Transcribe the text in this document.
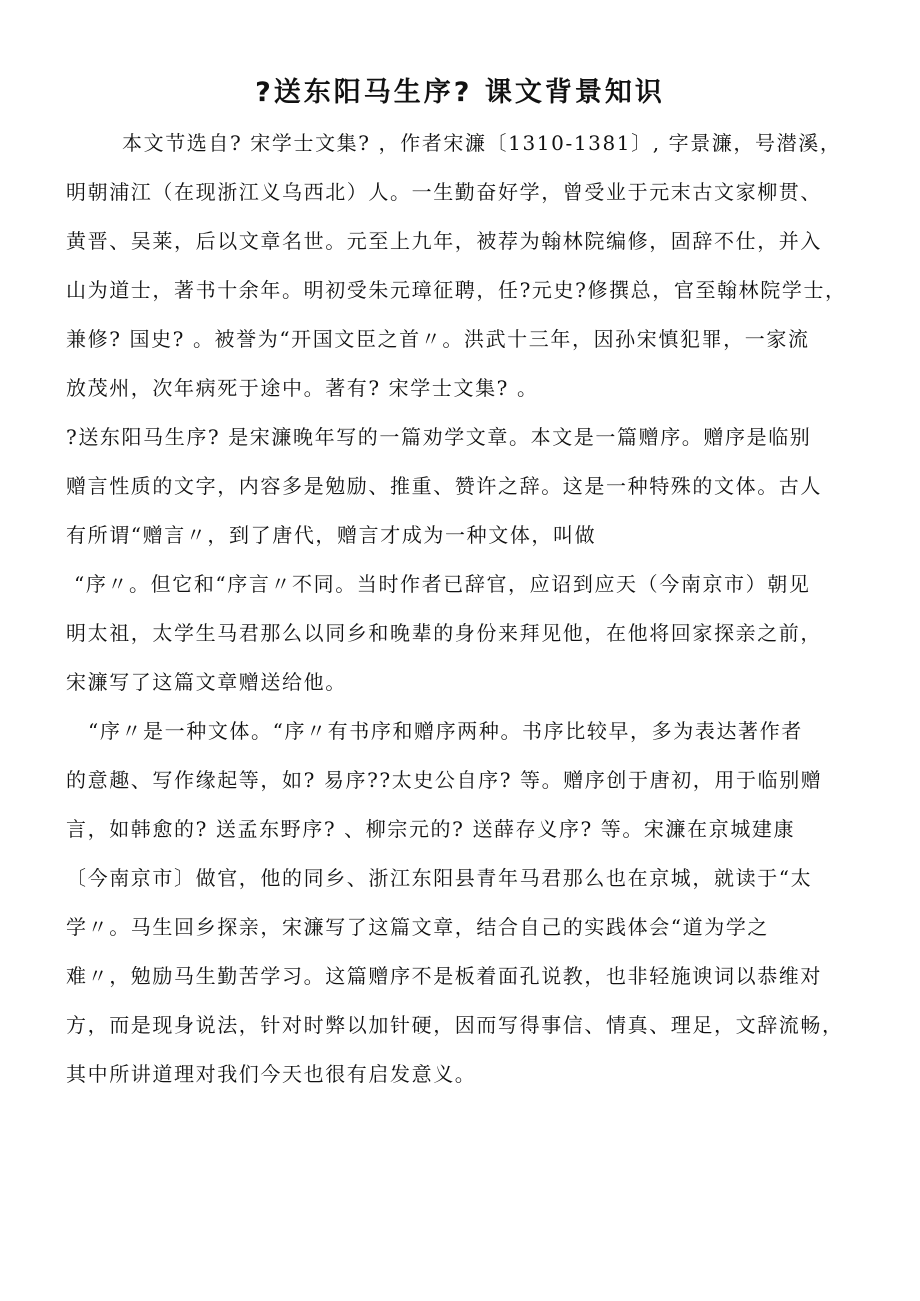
?送东阳马生序? 课文背景知识

本文节选自? 宋学士文集? ，作者宋濂〔1310-1381〕, 字景濂，号潜溪，

明朝浦江（在现浙江义乌西北）人。一生勤奋好学，曾受业于元末古文家柳贯、

黄晋、吴莱，后以文章名世。元至上九年，被荐为翰林院编修，固辞不仕，并入

山为道士，著书十余年。明初受朱元璋征聘，任?元史?修撰总，官至翰林院学士，

兼修? 国史? 。被誉为“开国文臣之首〃。洪武十三年，因孙宋慎犯罪，一家流

放茂州，次年病死于途中。著有? 宋学士文集? 。

?送东阳马生序? 是宋濂晚年写的一篇劝学文章。本文是一篇赠序。赠序是临别

赠言性质的文字，内容多是勉励、推重、赞许之辞。这是一种特殊的文体。古人

有所谓“赠言〃，到了唐代，赠言才成为一种文体，叫做

“序〃。但它和“序言〃不同。当时作者已辞官，应诏到应天（今南京市）朝见

明太祖，太学生马君那么以同乡和晚辈的身份来拜见他，在他将回家探亲之前，

宋濂写了这篇文章赠送给他。

“序〃是一种文体。“序〃有书序和赠序两种。书序比较早，多为表达著作者

的意趣、写作缘起等，如? 易序??太史公自序? 等。赠序创于唐初，用于临别赠

言，如韩愈的? 送孟东野序? 、柳宗元的? 送薛存义序? 等。宋濂在京城建康

〔今南京市〕做官，他的同乡、浙江东阳县青年马君那么也在京城，就读于“太

学〃。马生回乡探亲，宋濂写了这篇文章，结合自己的实践体会“道为学之

难〃，勉励马生勤苦学习。这篇赠序不是板着面孔说教，也非轻施谀词以恭维对

方，而是现身说法，针对时弊以加针硬，因而写得事信、情真、理足，文辞流畅，

其中所讲道理对我们今天也很有启发意义。
